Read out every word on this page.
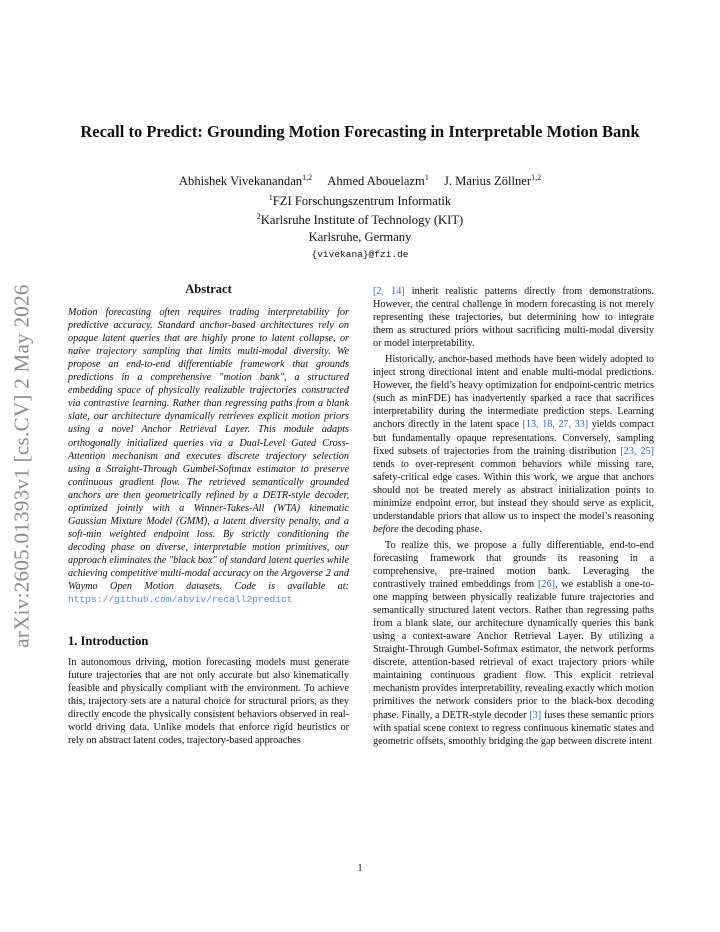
arXiv:2605.01393v1 [cs.CV] 2 May 2026
Recall to Predict: Grounding Motion Forecasting in Interpretable Motion Bank
Abhishek Vivekanandan$^{1,2}$ Ahmed Abouelazm$^1$ J. Marius Zöllner$^{1,2}$
$^1$FZI Forschungszentrum Informatik
$^2$Karlsruhe Institute of Technology (KIT)
Karlsruhe, Germany
{vivekana}@fzi.de
Abstract

Motion forecasting often requires trading interpretability for predictive accuracy. Standard anchor-based architectures rely on opaque latent queries that are highly prone to latent collapse, or naive trajectory sampling that limits multi-modal diversity. We propose an end-to-end differentiable framework that grounds predictions in a comprehensive "motion bank", a structured embedding space of physically realizable trajectories constructed via contrastive learning. Rather than regressing paths from a blank slate, our architecture dynamically retrieves explicit motion priors using a novel Anchor Retrieval Layer. This module adapts orthogonally initialized queries via a Dual-Level Gated Cross-Attention mechanism and executes discrete trajectory selection using a Straight-Through Gumbel-Softmax estimator to preserve continuous gradient flow. The retrieved semantically grounded anchors are then geometrically refined by a DETR-style decoder, optimized jointly with a Winner-Takes-All (WTA) kinematic Gaussian Mixture Model (GMM), a latent diversity penalty, and a soft-min weighted endpoint loss. By strictly conditioning the decoding phase on diverse, interpretable motion primitives, our approach eliminates the "black box" of standard latent queries while achieving competitive multi-modal accuracy on the Argoverse 2 and Waymo Open Motion datasets. Code is available at: https://github.com/abviv/recall2predict

1. Introduction

In autonomous driving, motion forecasting models must generate future trajectories that are not only accurate but also kinematically feasible and physically compliant with the environment. To achieve this, trajectory sets are a natural choice for structural priors, as they directly encode the physically consistent behaviors observed in real-world driving data. Unlike models that enforce rigid heuristics or rely on abstract latent codes, trajectory-based approaches

[2, 14] inherit realistic patterns directly from demonstrations. However, the central challenge in modern forecasting is not merely representing these trajectories, but determining how to integrate them as structured priors without sacrificing multi-modal diversity or model interpretability.

Historically, anchor-based methods have been widely adopted to inject strong directional intent and enable multi-modal predictions. However, the field’s heavy optimization for endpoint-centric metrics (such as minFDE) has inadvertently sparked a race that sacrifices interpretability during the intermediate prediction steps. Learning anchors directly in the latent space [13, 18, 27, 33] yields compact but fundamentally opaque representations. Conversely, sampling fixed subsets of trajectories from the training distribution [23, 25] tends to over-represent common behaviors while missing rare, safety-critical edge cases. Within this work, we argue that anchors should not be treated merely as abstract initialization points to minimize endpoint error, but instead they should serve as explicit, understandable priors that allow us to inspect the model’s reasoning before the decoding phase.

To realize this, we propose a fully differentiable, end-to-end forecasting framework that grounds its reasoning in a comprehensive, pre-trained motion bank. Leveraging the contrastively trained embeddings from [26], we establish a one-to-one mapping between physically realizable future trajectories and semantically structured latent vectors. Rather than regressing paths from a blank slate, our architecture dynamically queries this bank using a context-aware Anchor Retrieval Layer. By utilizing a Straight-Through Gumbel-Softmax estimator, the network performs discrete, attention-based retrieval of exact trajectory priors while maintaining continuous gradient flow. This explicit retrieval mechanism provides interpretability, revealing exactly which motion primitives the network considers prior to the black-box decoding phase. Finally, a DETR-style decoder [3] fuses these semantic priors with spatial scene context to regress continuous kinematic states and geometric offsets, smoothly bridging the gap between discrete intent

1
